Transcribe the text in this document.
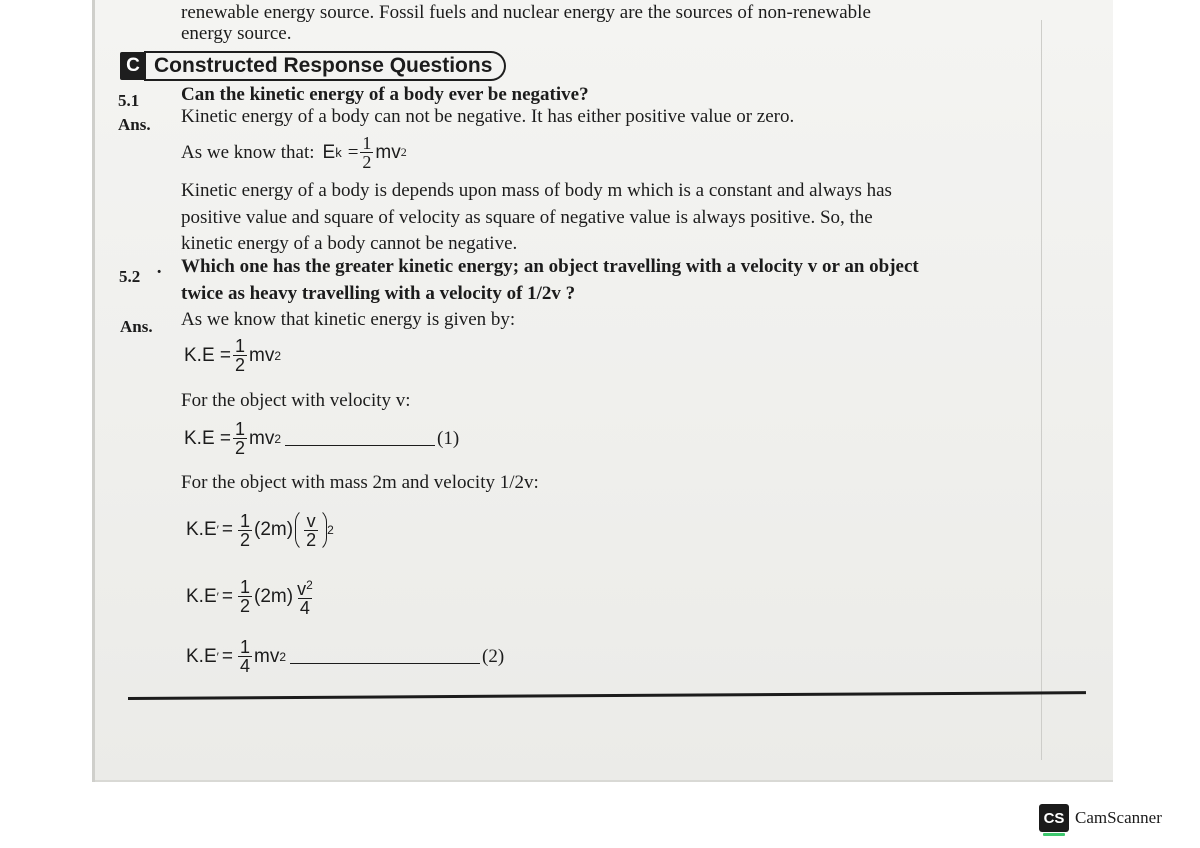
renewable energy source. Fossil fuels and nuclear energy are the sources of non-renewable
energy source.
C Constructed Response Questions
5.1 Can the kinetic energy of a body ever be negative?
Ans. Kinetic energy of a body can not be negative. It has either positive value or zero.
As we know that: E $k = \frac{1}{2}$ mv 2
Kinetic energy of a body is depends upon mass of body m which is a constant and always has
positive value and square of velocity as square of negative value is always positive. So, the
kinetic energy of a body cannot be negative.
5.2 · Which one has the greater kinetic energy; an object travelling with a velocity v or an object
twice as heavy travelling with a velocity of 1/2v ?
Ans. As we know that kinetic energy is given by:
$K.E = \frac{1}{2}$ mv 2
For the object with velocity v:
$K.E = \frac{1}{2}$ mv 2	(1)
For the object with mass 2m and velocity 1/2v:
K.E ′ = $\frac{1}{2} (2m) \frac{v}{2} 2$
K.E ′ = $\frac{1}{2} (2m) \frac{v^2}{4}$
K.E ′ = $\frac{1}{4}$ mv 2	(2)
CS CamScanner
